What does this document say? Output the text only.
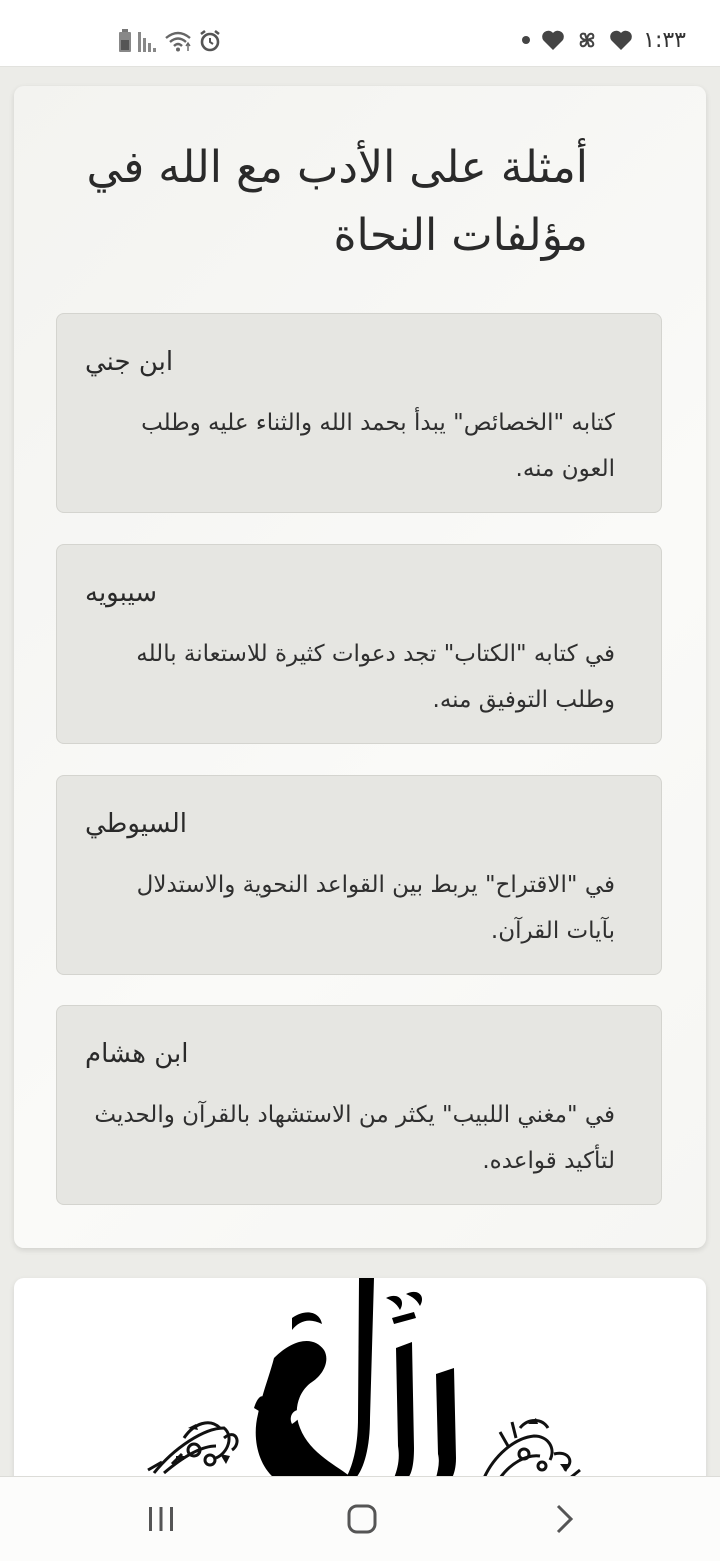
١:٣٣
أمثلة على الأدب مع الله في مؤلفات النحاة
ابن جني

كتابه "الخصائص" يبدأ بحمد الله والثناء عليه وطلب العون منه.

سيبويه

في كتابه "الكتاب" تجد دعوات كثيرة للاستعانة بالله وطلب التوفيق منه.

السيوطي

في "الاقتراح" يربط بين القواعد النحوية والاستدلال بآيات القرآن.

ابن هشام

في "مغني اللبيب" يكثر من الاستشهاد بالقرآن والحديث لتأكيد قواعده.
